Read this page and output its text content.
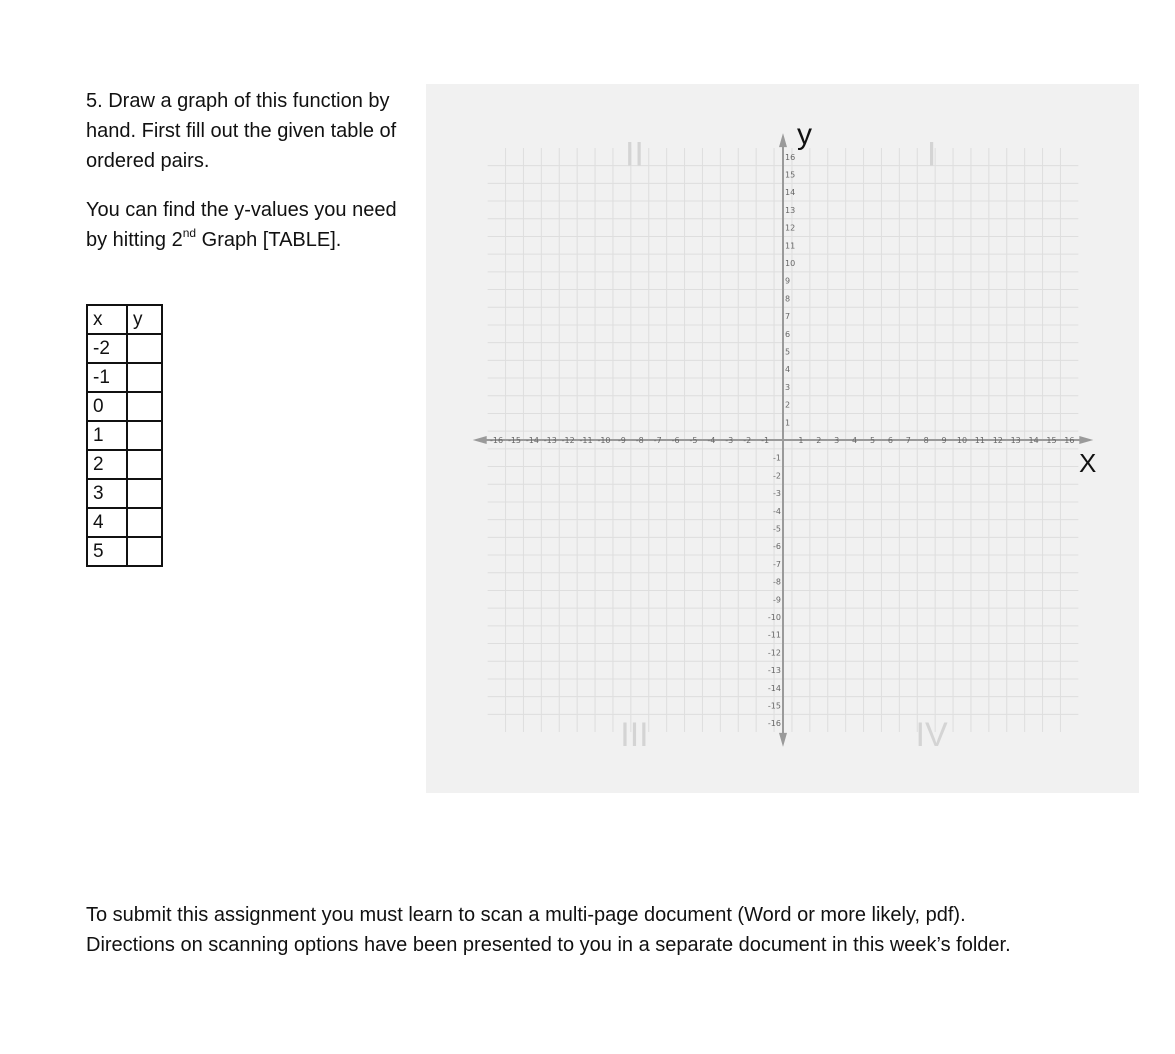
5. Draw a graph of this function by hand. First fill out the given table of ordered pairs.

You can find the y-values you need by hitting 2nd Graph [TABLE].

x	y
-2	
-1	
0	
1	
2	
3	
4	
5	
I
II
III	IV
-16 -15 -14 -13 -12 -11 -10 -9 -8 -7 -6 -5 -4 -3 -2 -1	1 2 3 4 5 6 7 8 9 10 11 12 13 14 15 16
-16
-15
-14
-13
-12
-11
-10
-9
-8
-7
-6
-5
-4
-3
-2
-1
1
2
3
4
5
6
7
8
9
10
11
12
13
14
15
16
X
y

To submit this assignment you must learn to scan a multi-page document (Word or more likely, pdf). Directions on scanning options have been presented to you in a separate document in this week’s folder.
